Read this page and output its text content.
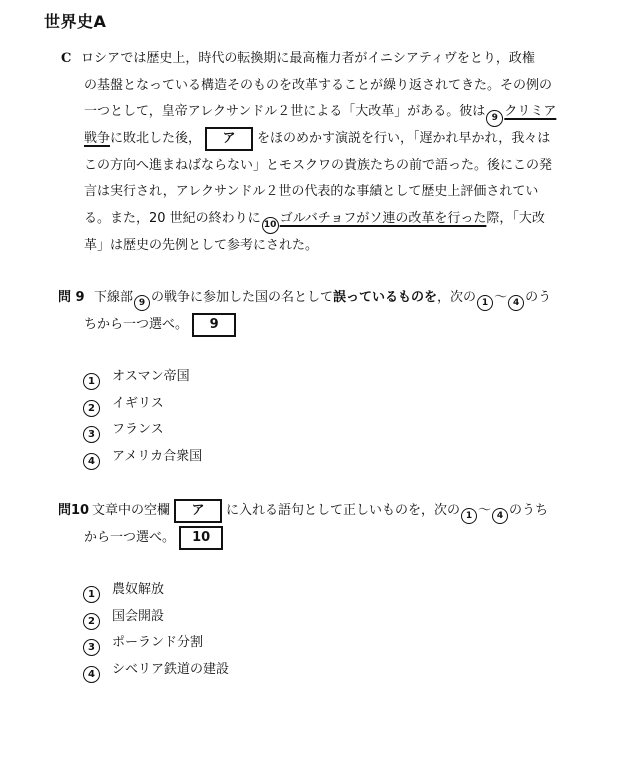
世界史A
C ロシアでは歴史上，時代の転換期に最高権力者がイニシアティヴをとり，政権
の基盤となっている構造そのものを改革することが繰り返されてきた。その例の
一つとして，皇帝アレクサンドル２世による「大改革」がある。彼は 9 クリミア
戦争に敗北した後， ア をほのめかす演説を行い，「遅かれ早かれ，我々は
この方向へ進まねばならない」とモスクワの貴族たちの前で語った。後にこの発
言は実行され，アレクサンドル２世の代表的な事績として歴史上評価されてい
る。また，20 世紀の終わりに 10 ゴルバチョフがソ連の改革を行った際，「大改
革」は歴史の先例として参考にされた。
問 9 下線部 9 の戦争に参加した国の名として誤っているものを，次の 1 〜 4 のう
ちから一つ選べ。 9
1 オスマン帝国
2 イギリス
3 フランス
4 アメリカ合衆国
問10 文章中の空欄 ア に入れる語句として正しいものを，次の 1 〜 4 のうち
から一つ選べ。 10
1 農奴解放
2 国会開設
3 ポーランド分割
4 シベリア鉄道の建設
